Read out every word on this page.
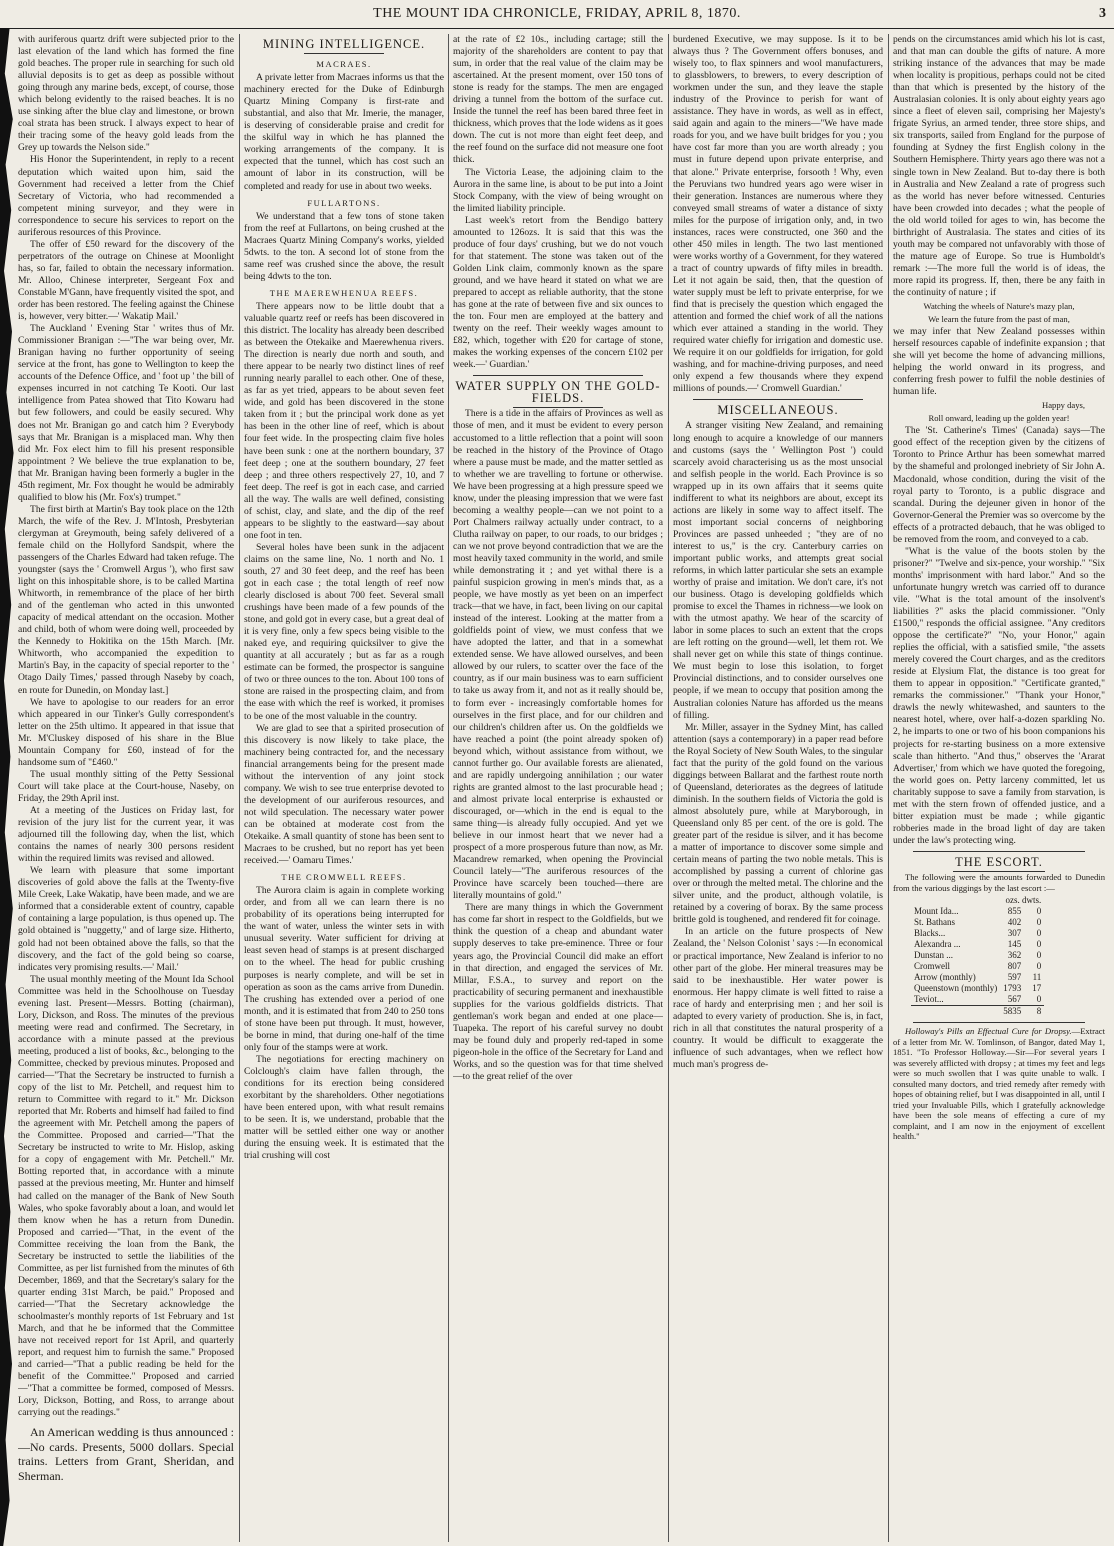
THE MOUNT IDA CHRONICLE, FRIDAY, APRIL 8, 1870.	3

with auriferous quartz drift were subjected prior to the last elevation of the land which has formed the fine gold beaches. The proper rule in searching for such old alluvial deposits is to get as deep as possible without going through any marine beds, except, of course, those which belong evidently to the raised beaches. It is no use sinking after the blue clay and limestone, or brown coal strata has been struck. I always expect to hear of their tracing some of the heavy gold leads from the Grey up towards the Nelson side."

His Honor the Superintendent, in reply to a recent deputation which waited upon him, said the Government had received a letter from the Chief Secretary of Victoria, who had recommended a competent mining surveyor, and they were in correspondence to secure his services to report on the auriferous resources of this Province.

The offer of £50 reward for the discovery of the perpetrators of the outrage on Chinese at Moonlight has, so far, failed to obtain the necessary information. Mr. Alloo, Chinese interpreter, Sergeant Fox and Constable M'Gann, have frequently visited the spot, and order has been restored. The feeling against the Chinese is, however, very bitter.—' Wakatip Mail.'

The Auckland ' Evening Star ' writes thus of Mr. Commissioner Branigan :—"The war being over, Mr. Branigan having no further opportunity of seeing service at the front, has gone to Wellington to keep the accounts of the Defence Office, and ' foot up ' the bill of expenses incurred in not catching Te Kooti. Our last intelligence from Patea showed that Tito Kowaru had but few followers, and could be easily secured. Why does not Mr. Branigan go and catch him ? Everybody says that Mr. Branigan is a misplaced man. Why then did Mr. Fox elect him to fill his present responsible appointment ? We believe the true explanation to be, that Mr. Branigan having been formerly a bugler in the 45th regiment, Mr. Fox thought he would be admirably qualified to blow his (Mr. Fox's) trumpet."

The first birth at Martin's Bay took place on the 12th March, the wife of the Rev. J. M'Intosh, Presbyterian clergyman at Greymouth, being safely delivered of a female child on the Hollyford Sandspit, where the passengers of the Charles Edward had taken refuge. The youngster (says the ' Cromwell Argus '), who first saw light on this inhospitable shore, is to be called Martina Whitworth, in remembrance of the place of her birth and of the gentleman who acted in this unwonted capacity of medical attendant on the occasion. Mother and child, both of whom were doing well, proceeded by the Kennedy to Hokitika on the 15th March. [Mr. Whitworth, who accompanied the expedition to Martin's Bay, in the capacity of special reporter to the ' Otago Daily Times,' passed through Naseby by coach, en route for Dunedin, on Monday last.]

We have to apologise to our readers for an error which appeared in our Tinker's Gully correspondent's letter on the 25th ultimo. It appeared in that issue that Mr. M'Cluskey disposed of his share in the Blue Mountain Company for £60, instead of for the handsome sum of "£460."

The usual monthly sitting of the Petty Sessional Court will take place at the Court-house, Naseby, on Friday, the 29th April inst.

At a meeting of the Justices on Friday last, for revision of the jury list for the current year, it was adjourned till the following day, when the list, which contains the names of nearly 300 persons resident within the required limits was revised and allowed.

We learn with pleasure that some important discoveries of gold above the falls at the Twenty-five Mile Creek, Lake Wakatip, have been made, and we are informed that a considerable extent of country, capable of containing a large population, is thus opened up. The gold obtained is "nuggetty," and of large size. Hitherto, gold had not been obtained above the falls, so that the discovery, and the fact of the gold being so coarse, indicates very promising results.—' Mail.'

The usual monthly meeting of the Mount Ida School Committee was held in the Schoolhouse on Tuesday evening last. Present—Messrs. Botting (chairman), Lory, Dickson, and Ross. The minutes of the previous meeting were read and confirmed. The Secretary, in accordance with a minute passed at the previous meeting, produced a list of books, &c., belonging to the Committee, checked by previous minutes. Proposed and carried—"That the Secretary be instructed to furnish a copy of the list to Mr. Petchell, and request him to return to Committee with regard to it." Mr. Dickson reported that Mr. Roberts and himself had failed to find the agreement with Mr. Petchell among the papers of the Committee. Proposed and carried—"That the Secretary be instructed to write to Mr. Hislop, asking for a copy of engagement with Mr. Petchell." Mr. Botting reported that, in accordance with a minute passed at the previous meeting, Mr. Hunter and himself had called on the manager of the Bank of New South Wales, who spoke favorably about a loan, and would let them know when he has a return from Dunedin. Proposed and carried—"That, in the event of the Committee receiving the loan from the Bank, the Secretary be instructed to settle the liabilities of the Committee, as per list furnished from the minutes of 6th December, 1869, and that the Secretary's salary for the quarter ending 31st March, be paid." Proposed and carried—"That the Secretary acknowledge the schoolmaster's monthly reports of 1st February and 1st March, and that he be informed that the Committee have not received report for 1st April, and quarterly report, and request him to furnish the same." Proposed and carried—"That a public reading be held for the benefit of the Committee." Proposed and carried—"That a committee be formed, composed of Messrs. Lory, Dickson, Botting, and Ross, to arrange about carrying out the readings."

An American wedding is thus announced :—No cards. Presents, 5000 dollars. Special trains. Letters from Grant, Sheridan, and Sherman.

MINING INTELLIGENCE.
MACRAES.

A private letter from Macraes informs us that the machinery erected for the Duke of Edinburgh Quartz Mining Company is first-rate and substantial, and also that Mr. Imerie, the manager, is deserving of considerable praise and credit for the skilful way in which he has planned the working arrangements of the company. It is expected that the tunnel, which has cost such an amount of labor in its construction, will be completed and ready for use in about two weeks.

FULLARTONS.

We understand that a few tons of stone taken from the reef at Fullartons, on being crushed at the Macraes Quartz Mining Company's works, yielded 5dwts. to the ton. A second lot of stone from the same reef was crushed since the above, the result being 4dwts to the ton.

THE MAEREWHENUA REEFS.

There appears now to be little doubt that a valuable quartz reef or reefs has been discovered in this district. The locality has already been described as between the Otekaike and Maerewhenua rivers. The direction is nearly due north and south, and there appear to be nearly two distinct lines of reef running nearly parallel to each other. One of these, as far as yet tried, appears to be about seven feet wide, and gold has been discovered in the stone taken from it ; but the principal work done as yet has been in the other line of reef, which is about four feet wide. In the prospecting claim five holes have been sunk : one at the northern boundary, 37 feet deep ; one at the southern boundary, 27 feet deep ; and three others respectively 27, 10, and 7 feet deep. The reef is got in each case, and carried all the way. The walls are well defined, consisting of schist, clay, and slate, and the dip of the reef appears to be slightly to the eastward—say about one foot in ten.

Several holes have been sunk in the adjacent claims on the same line, No. 1 north and No. 1 south, 27 and 30 feet deep, and the reef has been got in each case ; the total length of reef now clearly disclosed is about 700 feet. Several small crushings have been made of a few pounds of the stone, and gold got in every case, but a great deal of it is very fine, only a few specs being visible to the naked eye, and requiring quicksilver to give the quantity at all accurately ; but as far as a rough estimate can be formed, the prospector is sanguine of two or three ounces to the ton. About 100 tons of stone are raised in the prospecting claim, and from the ease with which the reef is worked, it promises to be one of the most valuable in the country.

We are glad to see that a spirited prosecution of this discovery is now likely to take place, the machinery being contracted for, and the necessary financial arrangements being for the present made without the intervention of any joint stock company. We wish to see true enterprise devoted to the development of our auriferous resources, and not wild speculation. The necessary water power can be obtained at moderate cost from the Otekaike. A small quantity of stone has been sent to Macraes to be crushed, but no report has yet been received.—' Oamaru Times.'

THE CROMWELL REEFS.

The Aurora claim is again in complete working order, and from all we can learn there is no probability of its operations being interrupted for the want of water, unless the winter sets in with unusual severity. Water sufficient for driving at least seven head of stamps is at present discharged on to the wheel. The head for public crushing purposes is nearly complete, and will be set in operation as soon as the cams arrive from Dunedin. The crushing has extended over a period of one month, and it is estimated that from 240 to 250 tons of stone have been put through. It must, however, be borne in mind, that during one-half of the time only four of the stamps were at work.

The negotiations for erecting machinery on Colclough's claim have fallen through, the conditions for its erection being considered exorbitant by the shareholders. Other negotiations have been entered upon, with what result remains to be seen. It is, we understand, probable that the matter will be settled either one way or another during the ensuing week. It is estimated that the trial crushing will cost

at the rate of £2 10s., including cartage; still the majority of the shareholders are content to pay that sum, in order that the real value of the claim may be ascertained. At the present moment, over 150 tons of stone is ready for the stamps. The men are engaged driving a tunnel from the bottom of the surface cut. Inside the tunnel the reef has been bared three feet in thickness, which proves that the lode widens as it goes down. The cut is not more than eight feet deep, and the reef found on the surface did not measure one foot thick.

The Victoria Lease, the adjoining claim to the Aurora in the same line, is about to be put into a Joint Stock Company, with the view of being wrought on the limited liability principle.

Last week's retort from the Bendigo battery amounted to 126ozs. It is said that this was the produce of four days' crushing, but we do not vouch for that statement. The stone was taken out of the Golden Link claim, commonly known as the spare ground, and we have heard it stated on what we are prepared to accept as reliable authority, that the stone has gone at the rate of between five and six ounces to the ton. Four men are employed at the battery and twenty on the reef. Their weekly wages amount to £82, which, together with £20 for cartage of stone, makes the working expenses of the concern £102 per week.—' Guardian.'

WATER SUPPLY ON THE GOLD-FIELDS.

There is a tide in the affairs of Provinces as well as those of men, and it must be evident to every person accustomed to a little reflection that a point will soon be reached in the history of the Province of Otago where a pause must be made, and the matter settled as to whether we are travelling to fortune or otherwise. We have been progressing at a high pressure speed we know, under the pleasing impression that we were fast becoming a wealthy people—can we not point to a Port Chalmers railway actually under contract, to a Clutha railway on paper, to our roads, to our bridges ; can we not prove beyond contradiction that we are the most heavily taxed community in the world, and smile while demonstrating it ; and yet withal there is a painful suspicion growing in men's minds that, as a people, we have mostly as yet been on an imperfect track—that we have, in fact, been living on our capital instead of the interest. Looking at the matter from a goldfields point of view, we must confess that we have adopted the latter, and that in a somewhat extended sense. We have allowed ourselves, and been allowed by our rulers, to scatter over the face of the country, as if our main business was to earn sufficient to take us away from it, and not as it really should be, to form ever - increasingly comfortable homes for ourselves in the first place, and for our children and our children's children after us. On the goldfields we have reached a point (the point already spoken of) beyond which, without assistance from without, we cannot further go. Our available forests are alienated, and are rapidly undergoing annihilation ; our water rights are granted almost to the last procurable head ; and almost private local enterprise is exhausted or discouraged, or—which in the end is equal to the same thing—is already fully occupied. And yet we believe in our inmost heart that we never had a prospect of a more prosperous future than now, as Mr. Macandrew remarked, when opening the Provincial Council lately—"The auriferous resources of the Province have scarcely been touched—there are literally mountains of gold."

There are many things in which the Government has come far short in respect to the Goldfields, but we think the question of a cheap and abundant water supply deserves to take pre-eminence. Three or four years ago, the Provincial Council did make an effort in that direction, and engaged the services of Mr. Millar, F.S.A., to survey and report on the practicability of securing permanent and inexhaustible supplies for the various goldfields districts. That gentleman's work began and ended at one place—Tuapeka. The report of his careful survey no doubt may be found duly and properly red-taped in some pigeon-hole in the office of the Secretary for Land and Works, and so the question was for that time shelved—to the great relief of the over

burdened Executive, we may suppose. Is it to be always thus ? The Government offers bonuses, and wisely too, to flax spinners and wool manufacturers, to glassblowers, to brewers, to every description of workmen under the sun, and they leave the staple industry of the Province to perish for want of assistance. They have in words, as well as in effect, said again and again to the miners—"We have made roads for you, and we have built bridges for you ; you have cost far more than you are worth already ; you must in future depend upon private enterprise, and that alone." Private enterprise, forsooth ! Why, even the Peruvians two hundred years ago were wiser in their generation. Instances are numerous where they conveyed small streams of water a distance of sixty miles for the purpose of irrigation only, and, in two instances, races were constructed, one 360 and the other 450 miles in length. The two last mentioned were works worthy of a Government, for they watered a tract of country upwards of fifty miles in breadth. Let it not again be said, then, that the question of water supply must be left to private enterprise, for we find that is precisely the question which engaged the attention and formed the chief work of all the nations which ever attained a standing in the world. They required water chiefly for irrigation and domestic use. We require it on our goldfields for irrigation, for gold washing, and for machine-driving purposes, and need only expend a few thousands where they expend millions of pounds.—' Cromwell Guardian.'

MISCELLANEOUS.

A stranger visiting New Zealand, and remaining long enough to acquire a knowledge of our manners and customs (says the ' Wellington Post ') could scarcely avoid characterising us as the most unsocial and selfish people in the world. Each Province is so wrapped up in its own affairs that it seems quite indifferent to what its neighbors are about, except its actions are likely in some way to affect itself. The most important social concerns of neighboring Provinces are passed unheeded ; "they are of no interest to us," is the cry. Canterbury carries on important public works, and attempts great social reforms, in which latter particular she sets an example worthy of praise and imitation. We don't care, it's not our business. Otago is developing goldfields which promise to excel the Thames in richness—we look on with the utmost apathy. We hear of the scarcity of labor in some places to such an extent that the crops are left rotting on the ground—well, let them rot. We shall never get on while this state of things continue. We must begin to lose this isolation, to forget Provincial distinctions, and to consider ourselves one people, if we mean to occupy that position among the Australian colonies Nature has afforded us the means of filling.

Mr. Miller, assayer in the Sydney Mint, has called attention (says a contemporary) in a paper read before the Royal Society of New South Wales, to the singular fact that the purity of the gold found on the various diggings between Ballarat and the farthest route north of Queensland, deteriorates as the degrees of latitude diminish. In the southern fields of Victoria the gold is almost absolutely pure, while at Maryborough, in Queensland only 85 per cent. of the ore is gold. The greater part of the residue is silver, and it has become a matter of importance to discover some simple and certain means of parting the two noble metals. This is accomplished by passing a current of chlorine gas over or through the melted metal. The chlorine and the silver unite, and the product, although volatile, is retained by a covering of borax. By the same process brittle gold is toughened, and rendered fit for coinage.

In an article on the future prospects of New Zealand, the ' Nelson Colonist ' says :—In economical or practical importance, New Zealand is inferior to no other part of the globe. Her mineral treasures may be said to be inexhaustible. Her water power is enormous. Her happy climate is well fitted to raise a race of hardy and enterprising men ; and her soil is adapted to every variety of production. She is, in fact, rich in all that constitutes the natural prosperity of a country. It would be difficult to exaggerate the influence of such advantages, when we reflect how much man's progress de-

pends on the circumstances amid which his lot is cast, and that man can double the gifts of nature. A more striking instance of the advances that may be made when locality is propitious, perhaps could not be cited than that which is presented by the history of the Australasian colonies. It is only about eighty years ago since a fleet of eleven sail, comprising her Majesty's frigate Syrius, an armed tender, three store ships, and six transports, sailed from England for the purpose of founding at Sydney the first English colony in the Southern Hemisphere. Thirty years ago there was not a single town in New Zealand. But to-day there is both in Australia and New Zealand a rate of progress such as the world has never before witnessed. Centuries have been crowded into decades ; what the people of the old world toiled for ages to win, has become the birthright of Australasia. The states and cities of its youth may be compared not unfavorably with those of the mature age of Europe. So true is Humboldt's remark :—The more full the world is of ideas, the more rapid its progress. If, then, there be any faith in the continuity of nature ; if

Watching the wheels of Nature's mazy plan,
We learn the future from the past of man,

we may infer that New Zealand possesses within herself resources capable of indefinite expansion ; that she will yet become the home of advancing millions, helping the world onward in its progress, and conferring fresh power to fulfil the noble destinies of human life.

Happy days,
Roll onward, leading up the golden year!

The 'St. Catherine's Times' (Canada) says—The good effect of the reception given by the citizens of Toronto to Prince Arthur has been somewhat marred by the shameful and prolonged inebriety of Sir John A. Macdonald, whose condition, during the visit of the royal party to Toronto, is a public disgrace and scandal. During the dejeuner given in honor of the Governor-General the Premier was so overcome by the effects of a protracted debauch, that he was obliged to be removed from the room, and conveyed to a cab.

"What is the value of the boots stolen by the prisoner?" "Twelve and six-pence, your worship." "Six months' imprisonment with hard labor." And so the unfortunate hungry wretch was carried off to durance vile. "What is the total amount of the insolvent's liabilities ?" asks the placid commissioner. "Only £1500," responds the official assignee. "Any creditors oppose the certificate?" "No, your Honor," again replies the official, with a satisfied smile, "the assets merely covered the Court charges, and as the creditors reside at Elysium Flat, the distance is too great for them to appear in opposition." "Certificate granted," remarks the commissioner." "Thank your Honor," drawls the newly whitewashed, and saunters to the nearest hotel, where, over half-a-dozen sparkling No. 2, he imparts to one or two of his boon companions his projects for re-starting business on a more extensive scale than hitherto. "And thus," observes the 'Ararat Advertiser,' from which we have quoted the foregoing, the world goes on. Petty larceny committed, let us charitably suppose to save a family from starvation, is met with the stern frown of offended justice, and a bitter expiation must be made ; while gigantic robberies made in the broad light of day are taken under the law's protecting wing.

THE ESCORT.

The following were the amounts forwarded to Dunedin from the various diggings by the last escort :—

	ozs. dwts.	
Mount Ida...	855	0
St. Bathans	402	0
Blacks...	307	0
Alexandra ...	145	0
Dunstan ...	362	0
Cromwell	807	0
Arrow (monthly)	597	11
Queenstown (monthly)	1793	17
Teviot...	567	0
	5835	8

Holloway's Pills an Effectual Cure for Dropsy.—Extract of a letter from Mr. W. Tomlinson, of Bangor, dated May 1, 1851. "To Professor Holloway.—Sir—For several years I was severely afflicted with dropsy ; at times my feet and legs were so much swollen that I was quite unable to walk. I consulted many doctors, and tried remedy after remedy with hopes of obtaining relief, but I was disappointed in all, until I tried your Invaluable Pills, which I gratefully acknowledge have been the sole means of effecting a cure of my complaint, and I am now in the enjoyment of excellent health."
